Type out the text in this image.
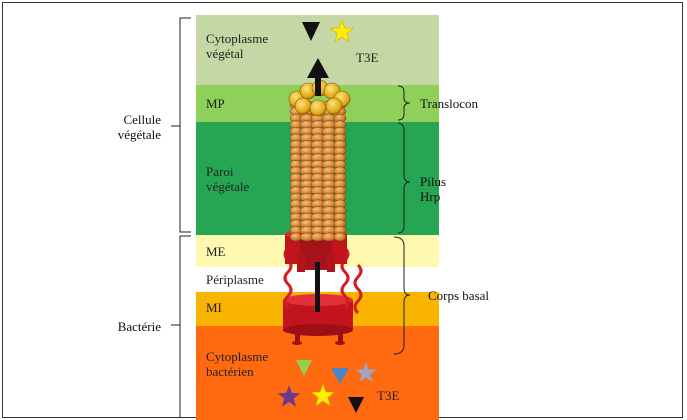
Cytoplasme végétal
MP
Paroi végétale
ME
Périplasme
MI
Cytoplasme bactérien
T3E
T3E
Cellule végétale
Bactérie
Translocon
Pilus Hrp
Corps basal
